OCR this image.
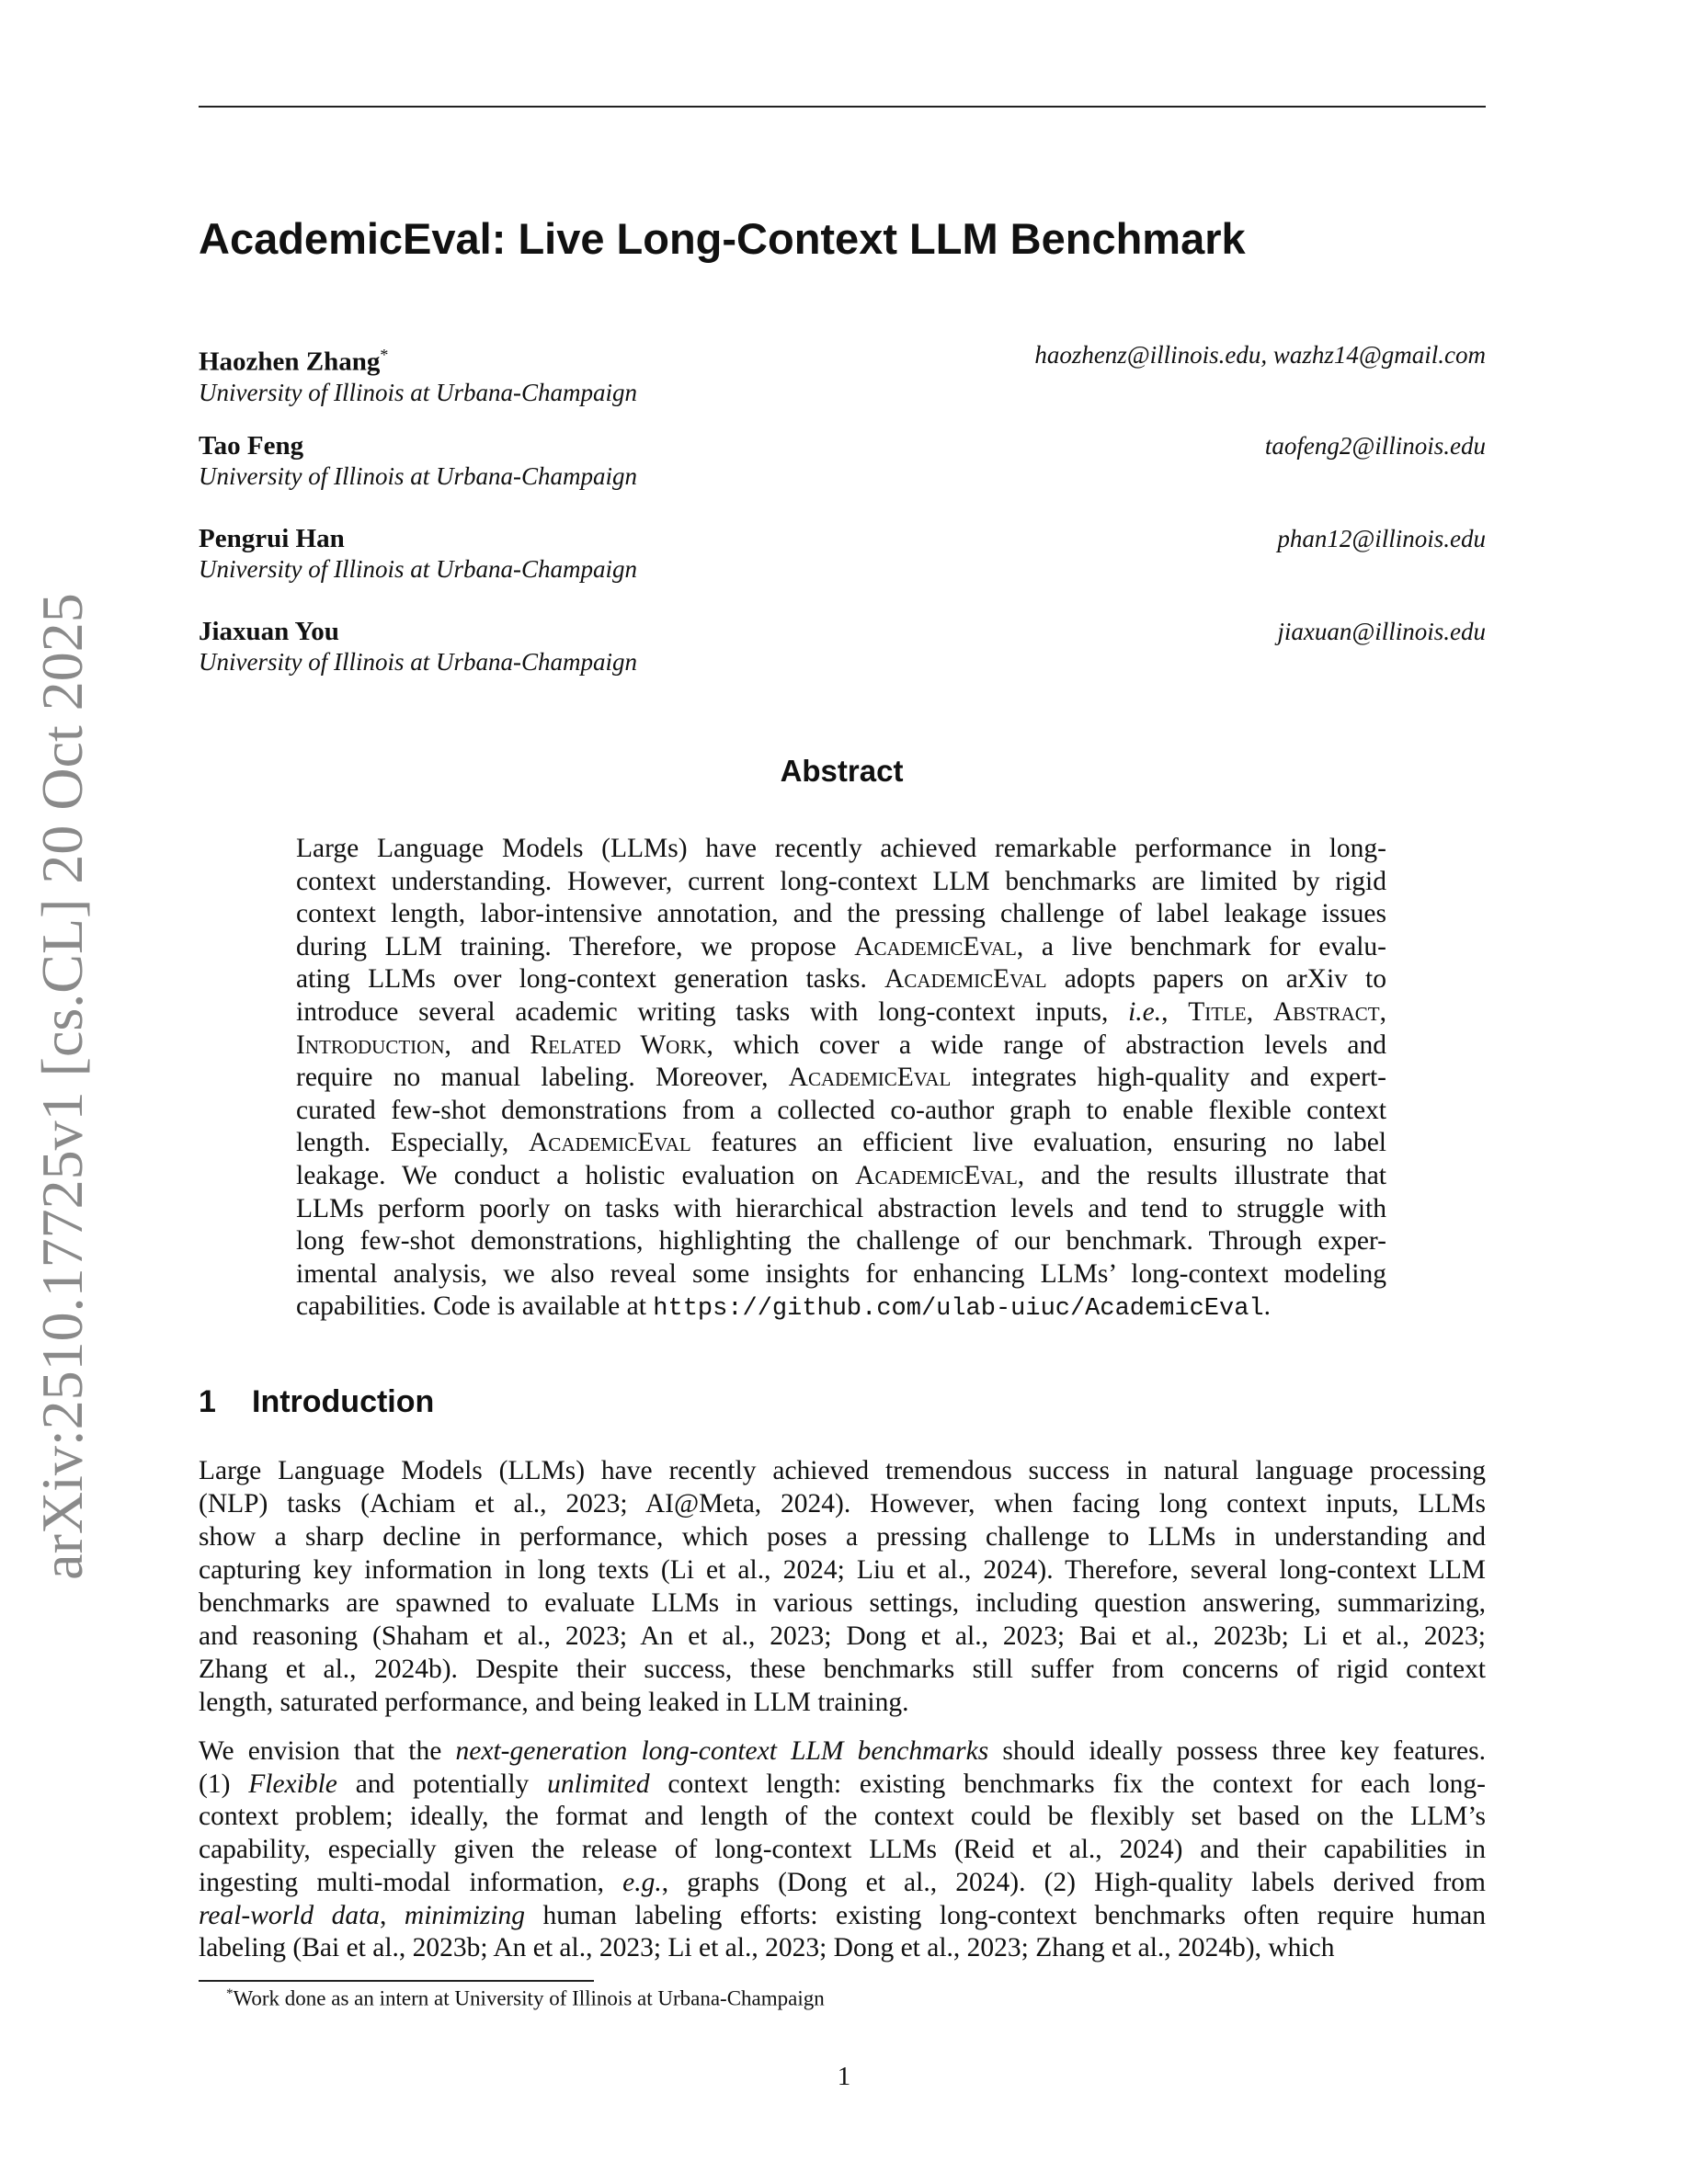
arXiv:2510.17725v1 [cs.CL] 20 Oct 2025
AcademicEval: Live Long-Context LLM Benchmark
Haozhen Zhang*
University of Illinois at Urbana-Champaign
haozhenz@illinois.edu, wazhz14@gmail.com
Tao Feng
University of Illinois at Urbana-Champaign
taofeng2@illinois.edu
Pengrui Han
University of Illinois at Urbana-Champaign
phan12@illinois.edu
Jiaxuan You
University of Illinois at Urbana-Champaign
jiaxuan@illinois.edu
Abstract
Large Language Models (LLMs) have recently achieved remarkable performance in long-
context understanding. However, current long-context LLM benchmarks are limited by rigid
context length, labor-intensive annotation, and the pressing challenge of label leakage issues
during LLM training. Therefore, we propose AcademicEval, a live benchmark for evalu-
ating LLMs over long-context generation tasks. AcademicEval adopts papers on arXiv to
introduce several academic writing tasks with long-context inputs, i.e., Title, Abstract,
Introduction, and Related Work, which cover a wide range of abstraction levels and
require no manual labeling. Moreover, AcademicEval integrates high-quality and expert-
curated few-shot demonstrations from a collected co-author graph to enable flexible context
length. Especially, AcademicEval features an efficient live evaluation, ensuring no label
leakage. We conduct a holistic evaluation on AcademicEval, and the results illustrate that
LLMs perform poorly on tasks with hierarchical abstraction levels and tend to struggle with
long few-shot demonstrations, highlighting the challenge of our benchmark. Through exper-
imental analysis, we also reveal some insights for enhancing LLMs’ long-context modeling
capabilities. Code is available at https://github.com/ulab-uiuc/AcademicEval.
1 Introduction
Large Language Models (LLMs) have recently achieved tremendous success in natural language processing
(NLP) tasks (Achiam et al., 2023; AI@Meta, 2024). However, when facing long context inputs, LLMs
show a sharp decline in performance, which poses a pressing challenge to LLMs in understanding and
capturing key information in long texts (Li et al., 2024; Liu et al., 2024). Therefore, several long-context LLM
benchmarks are spawned to evaluate LLMs in various settings, including question answering, summarizing,
and reasoning (Shaham et al., 2023; An et al., 2023; Dong et al., 2023; Bai et al., 2023b; Li et al., 2023;
Zhang et al., 2024b). Despite their success, these benchmarks still suffer from concerns of rigid context
length, saturated performance, and being leaked in LLM training.
We envision that the next-generation long-context LLM benchmarks should ideally possess three key features.
(1) Flexible and potentially unlimited context length: existing benchmarks fix the context for each long-
context problem; ideally, the format and length of the context could be flexibly set based on the LLM’s
capability, especially given the release of long-context LLMs (Reid et al., 2024) and their capabilities in
ingesting multi-modal information, e.g., graphs (Dong et al., 2024). (2) High-quality labels derived from
real-world data, minimizing human labeling efforts: existing long-context benchmarks often require human
labeling (Bai et al., 2023b; An et al., 2023; Li et al., 2023; Dong et al., 2023; Zhang et al., 2024b), which
*Work done as an intern at University of Illinois at Urbana-Champaign
1
